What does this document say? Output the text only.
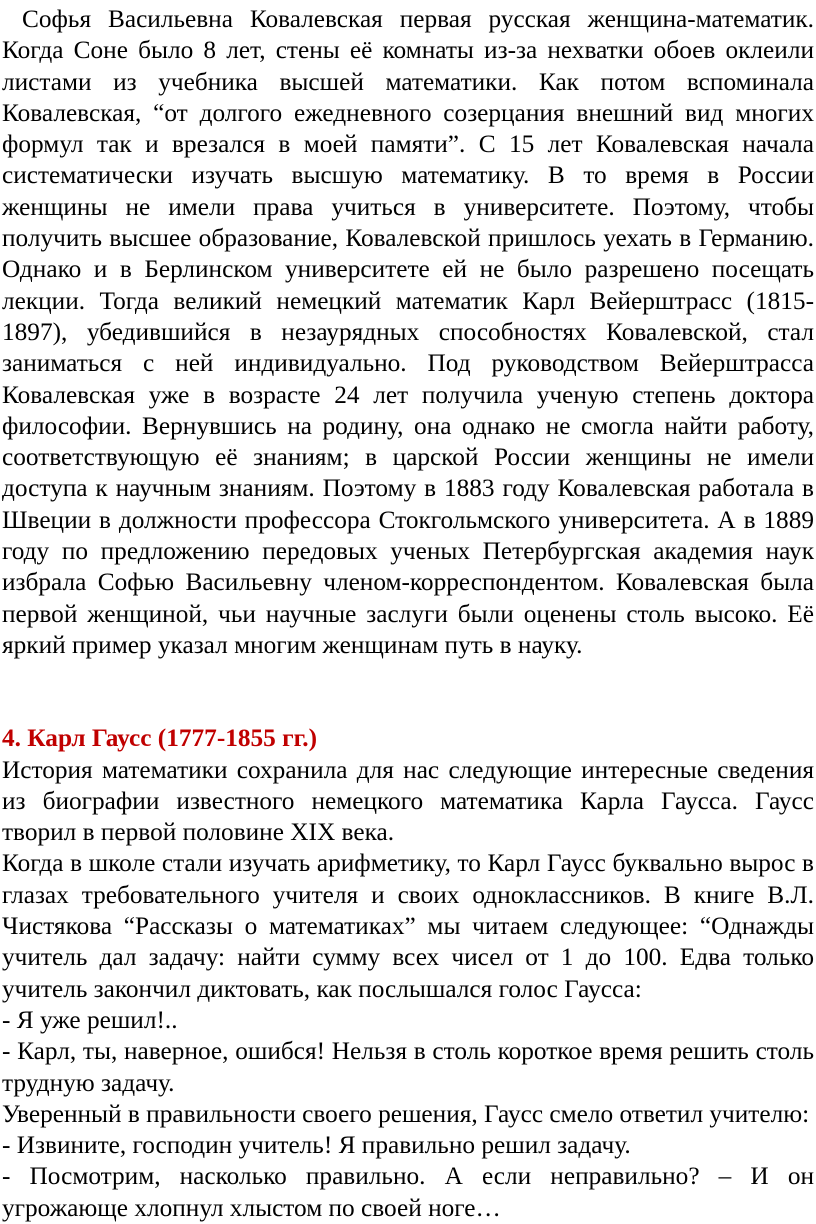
Софья Васильевна Ковалевская первая русская женщина-математик. Когда Соне было 8 лет, стены её комнаты из-за нехватки обоев оклеили листами из учебника высшей математики. Как потом вспоминала Ковалевская, “от долгого ежедневного созерцания внешний вид многих формул так и врезался в моей памяти”. С 15 лет Ковалевская начала систематически изучать высшую математику. В то время в России женщины не имели права учиться в университете. Поэтому, чтобы получить высшее образование, Ковалевской пришлось уехать в Германию. Однако и в Берлинском университете ей не было разрешено посещать лекции. Тогда великий немецкий математик Карл Вейерштрасс (1815-1897), убедившийся в незаурядных способностях Ковалевской, стал заниматься с ней индивидуально. Под руководством Вейерштрасса Ковалевская уже в возрасте 24 лет получила ученую степень доктора философии. Вернувшись на родину, она однако не смогла найти работу, соответствующую её знаниям; в царской России женщины не имели доступа к научным знаниям. Поэтому в 1883 году Ковалевская работала в Швеции в должности профессора Стокгольмского университета. А в 1889 году по предложению передовых ученых Петербургская академия наук избрала Софью Васильевну членом-корреспондентом. Ковалевская была первой женщиной, чьи научные заслуги были оценены столь высоко. Её яркий пример указал многим женщинам путь в науку.

4. Карл Гаусс (1777-1855 гг.)

История математики сохранила для нас следующие интересные сведения из биографии известного немецкого математика Карла Гаусса. Гаусс творил в первой половине XIX века.

Когда в школе стали изучать арифметику, то Карл Гаусс буквально вырос в глазах требовательного учителя и своих одноклассников. В книге В.Л. Чистякова “Рассказы о математиках” мы читаем следующее: “Однажды учитель дал задачу: найти сумму всех чисел от 1 до 100. Едва только учитель закончил диктовать, как послышался голос Гаусса:

- Я уже решил!..

- Карл, ты, наверное, ошибся! Нельзя в столь короткое время решить столь трудную задачу.

Уверенный в правильности своего решения, Гаусс смело ответил учителю:

- Извините, господин учитель! Я правильно решил задачу.

- Посмотрим, насколько правильно. А если неправильно? – И он угрожающе хлопнул хлыстом по своей ноге…
